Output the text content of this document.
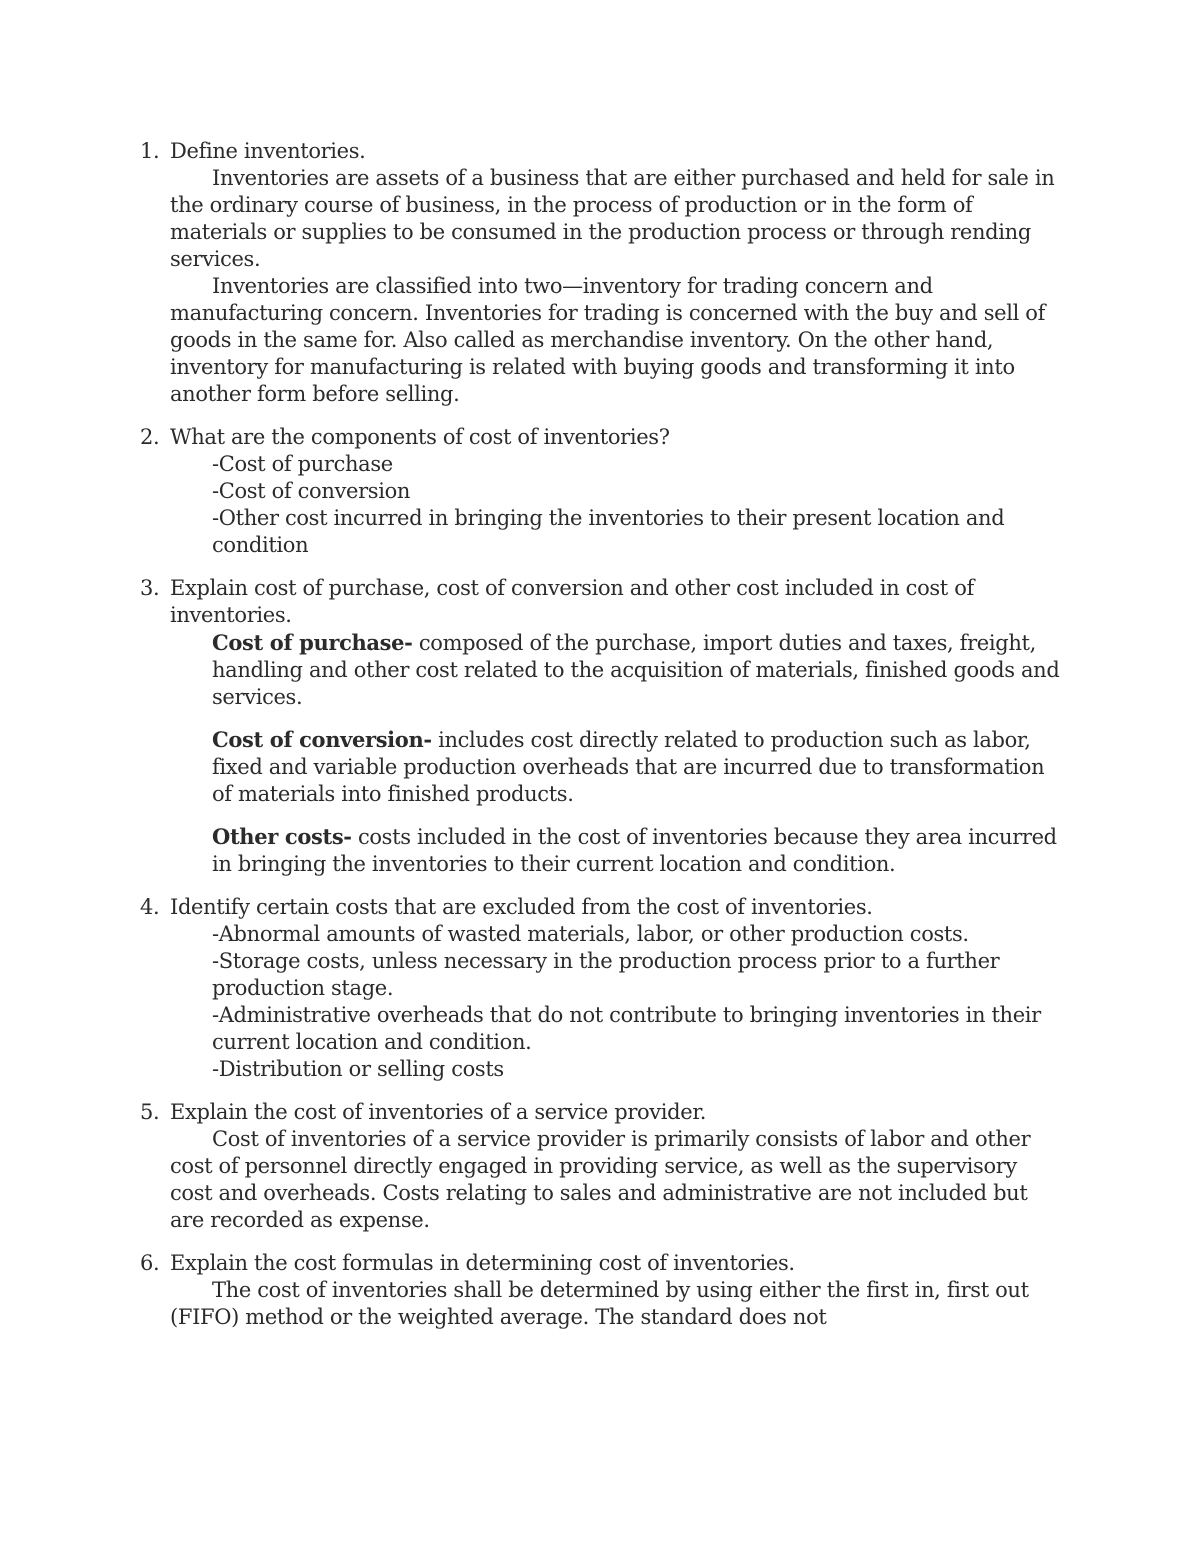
1. Define inventories.

Inventories are assets of a business that are either purchased and held for sale in the ordinary course of business, in the process of production or in the form of materials or supplies to be consumed in the production process or through rending services.

Inventories are classified into two—inventory for trading concern and manufacturing concern. Inventories for trading is concerned with the buy and sell of goods in the same for. Also called as merchandise inventory. On the other hand, inventory for manufacturing is related with buying goods and transforming it into another form before selling.

2. What are the components of cost of inventories?
-Cost of purchase
-Cost of conversion
-Other cost incurred in bringing the inventories to their present location and condition
3. Explain cost of purchase, cost of conversion and other cost included in cost of inventories.

Cost of purchase- composed of the purchase, import duties and taxes, freight, handling and other cost related to the acquisition of materials, finished goods and services.

Cost of conversion- includes cost directly related to production such as labor, fixed and variable production overheads that are incurred due to transformation of materials into finished products.

Other costs- costs included in the cost of inventories because they area incurred in bringing the inventories to their current location and condition.

4. Identify certain costs that are excluded from the cost of inventories.
-Abnormal amounts of wasted materials, labor, or other production costs.
-Storage costs, unless necessary in the production process prior to a further production stage.
-Administrative overheads that do not contribute to bringing inventories in their current location and condition.
-Distribution or selling costs
5. Explain the cost of inventories of a service provider.

Cost of inventories of a service provider is primarily consists of labor and other cost of personnel directly engaged in providing service, as well as the supervisory cost and overheads. Costs relating to sales and administrative are not included but are recorded as expense.

6. Explain the cost formulas in determining cost of inventories.

The cost of inventories shall be determined by using either the first in, first out (FIFO) method or the weighted average. The standard does not
